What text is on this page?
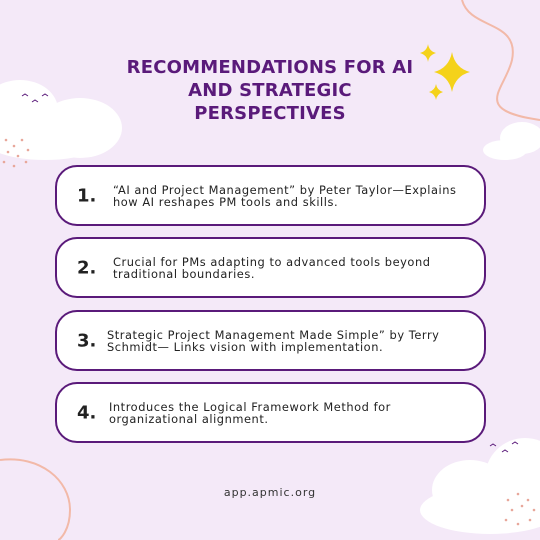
RECOMMENDATIONS FOR AI
AND STRATEGIC
PERSPECTIVES
1. “AI and Project Management” by Peter Taylor—Explains how AI reshapes PM tools and skills.
2. Crucial for PMs adapting to advanced tools beyond traditional boundaries.
3. Strategic Project Management Made Simple” by Terry Schmidt— Links vision with implementation.
4. Introduces the Logical Framework Method for organizational alignment.
app.apmic.org
